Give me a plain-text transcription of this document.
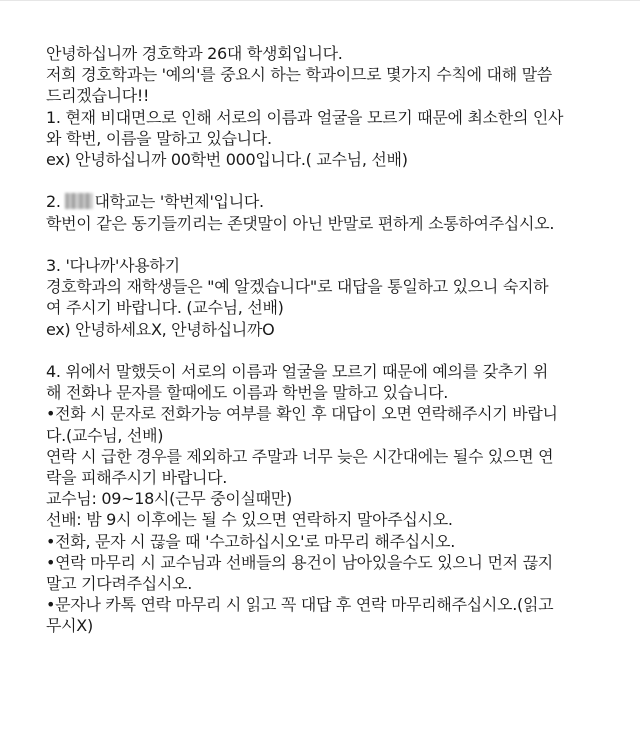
안녕하십니까 경호학과 26대 학생회입니다.
저희 경호학과는 '예의'를 중요시 하는 학과이므로 몇가지 수칙에 대해 말씀
드리겠습니다!!
1. 현재 비대면으로 인해 서로의 이름과 얼굴을 모르기 때문에 최소한의 인사
와 학번, 이름을 말하고 있습니다.
ex) 안녕하십니까 00학번 000입니다.( 교수님, 선배)
2. 대학교는 '학번제'입니다.
학번이 같은 동기들끼리는 존댓말이 아닌 반말로 편하게 소통하여주십시오.
3. '다나까'사용하기
경호학과의 재학생들은 "예 알겠습니다"로 대답을 통일하고 있으니 숙지하
여 주시기 바랍니다. (교수님, 선배)
ex) 안녕하세요X, 안녕하십니까O
4. 위에서 말했듯이 서로의 이름과 얼굴을 모르기 때문에 예의를 갖추기 위
해 전화나 문자를 할때에도 이름과 학번을 말하고 있습니다.
•전화 시 문자로 전화가능 여부를 확인 후 대답이 오면 연락해주시기 바랍니
다.(교수님, 선배)
연락 시 급한 경우를 제외하고 주말과 너무 늦은 시간대에는 될수 있으면 연
락을 피해주시기 바랍니다.
교수님: 09~18시(근무 중이실때만)
선배: 밤 9시 이후에는 될 수 있으면 연락하지 말아주십시오.
•전화, 문자 시 끊을 때 '수고하십시오'로 마무리 해주십시오.
•연락 마무리 시 교수님과 선배들의 용건이 남아있을수도 있으니 먼저 끊지
말고 기다려주십시오.
•문자나 카톡 연락 마무리 시 읽고 꼭 대답 후 연락 마무리해주십시오.(읽고
무시X)
